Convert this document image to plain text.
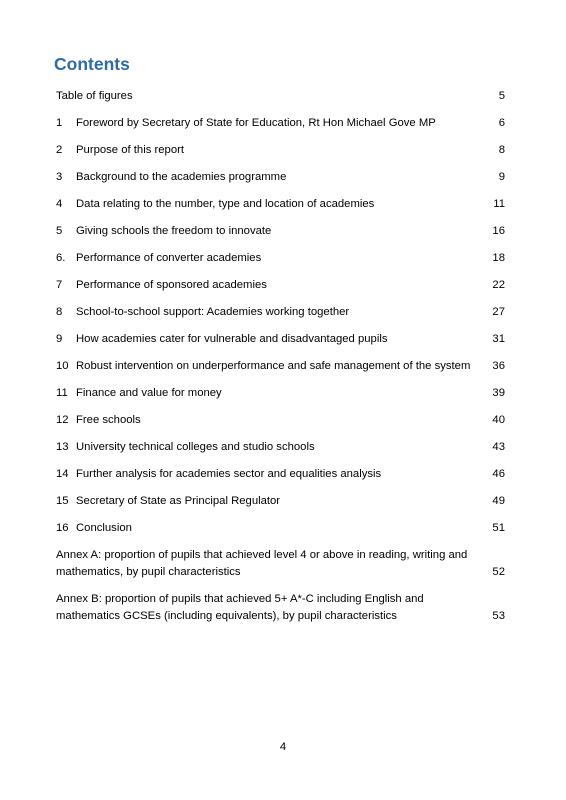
Contents
Table of figures	5
1 Foreword by Secretary of State for Education, Rt Hon Michael Gove MP	6
2 Purpose of this report	8
3 Background to the academies programme	9
4 Data relating to the number, type and location of academies	11
5 Giving schools the freedom to innovate	16
6. Performance of converter academies	18
7 Performance of sponsored academies	22
8 School-to-school support: Academies working together	27
9 How academies cater for vulnerable and disadvantaged pupils	31
10 Robust intervention on underperformance and safe management of the system	36
11 Finance and value for money	39
12 Free schools	40
13 University technical colleges and studio schools	43
14 Further analysis for academies sector and equalities analysis	46
15 Secretary of State as Principal Regulator	49
16 Conclusion	51
Annex A: proportion of pupils that achieved level 4 or above in reading, writing and mathematics, by pupil characteristics	52
Annex B: proportion of pupils that achieved 5+ A*-C including English and mathematics GCSEs (including equivalents), by pupil characteristics	53
4
